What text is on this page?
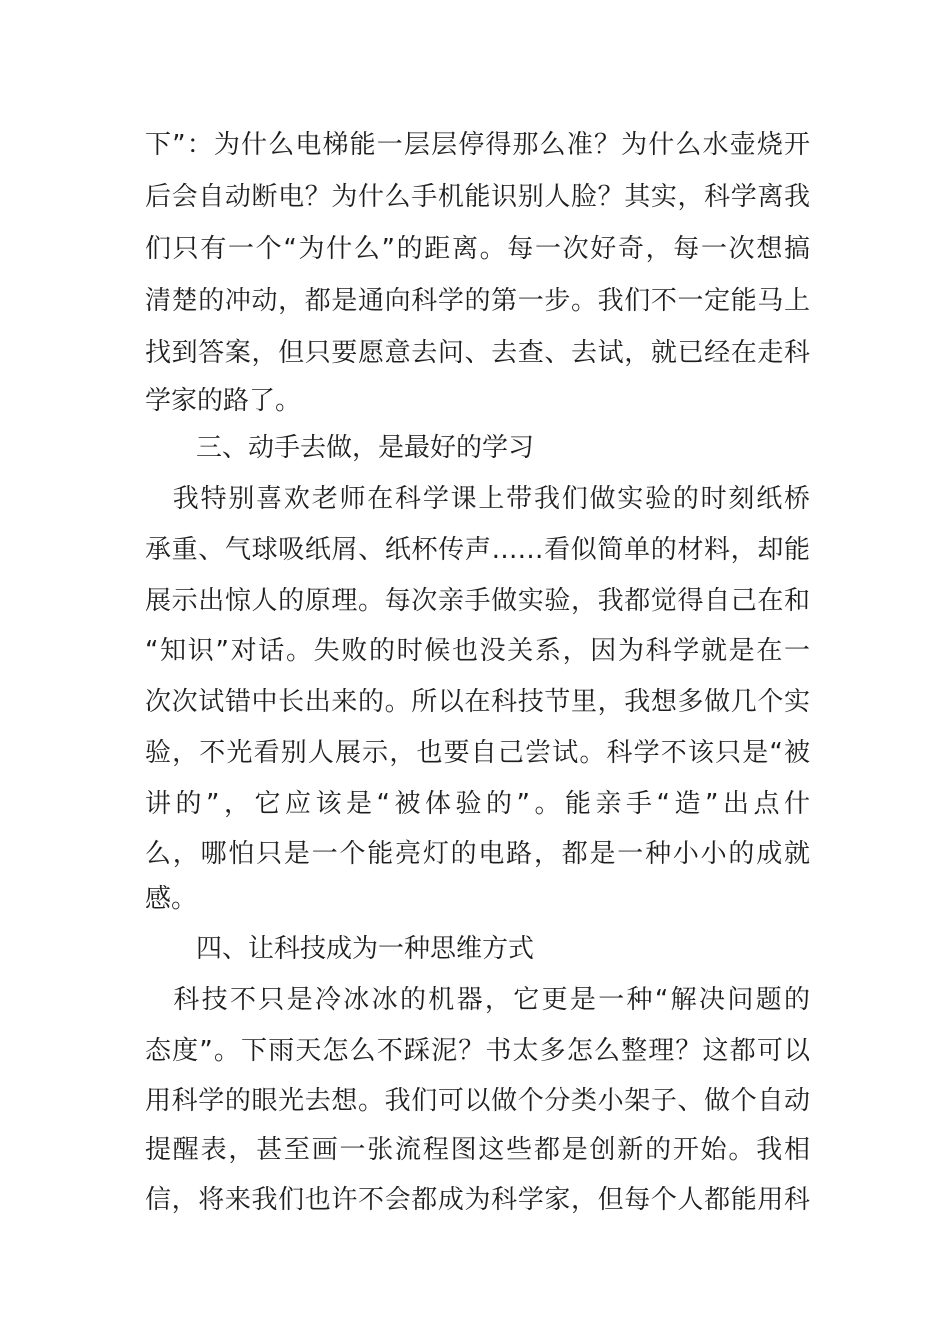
下”：为什么电梯能一层层停得那么准？为什么水壶烧开
后会自动断电？为什么手机能识别人脸？其实，科学离我
们只有一个“为什么”的距离。每一次好奇，每一次想搞
清楚的冲动，都是通向科学的第一步。我们不一定能马上
找到答案，但只要愿意去问、去查、去试，就已经在走科
学家的路了。
三、动手去做，是最好的学习
　我特别喜欢老师在科学课上带我们做实验的时刻纸桥
承重、气球吸纸屑、纸杯传声……看似简单的材料，却能
展示出惊人的原理。每次亲手做实验，我都觉得自己在和
“知识”对话。失败的时候也没关系，因为科学就是在一
次次试错中长出来的。所以在科技节里，我想多做几个实
验，不光看别人展示，也要自己尝试。科学不该只是“被
讲的”，它应该是“被体验的”。能亲手“造”出点什
么，哪怕只是一个能亮灯的电路，都是一种小小的成就
感。
四、让科技成为一种思维方式
　科技不只是冷冰冰的机器，它更是一种“解决问题的
态度”。下雨天怎么不踩泥？书太多怎么整理？这都可以
用科学的眼光去想。我们可以做个分类小架子、做个自动
提醒表，甚至画一张流程图这些都是创新的开始。我相
信，将来我们也许不会都成为科学家，但每个人都能用科
